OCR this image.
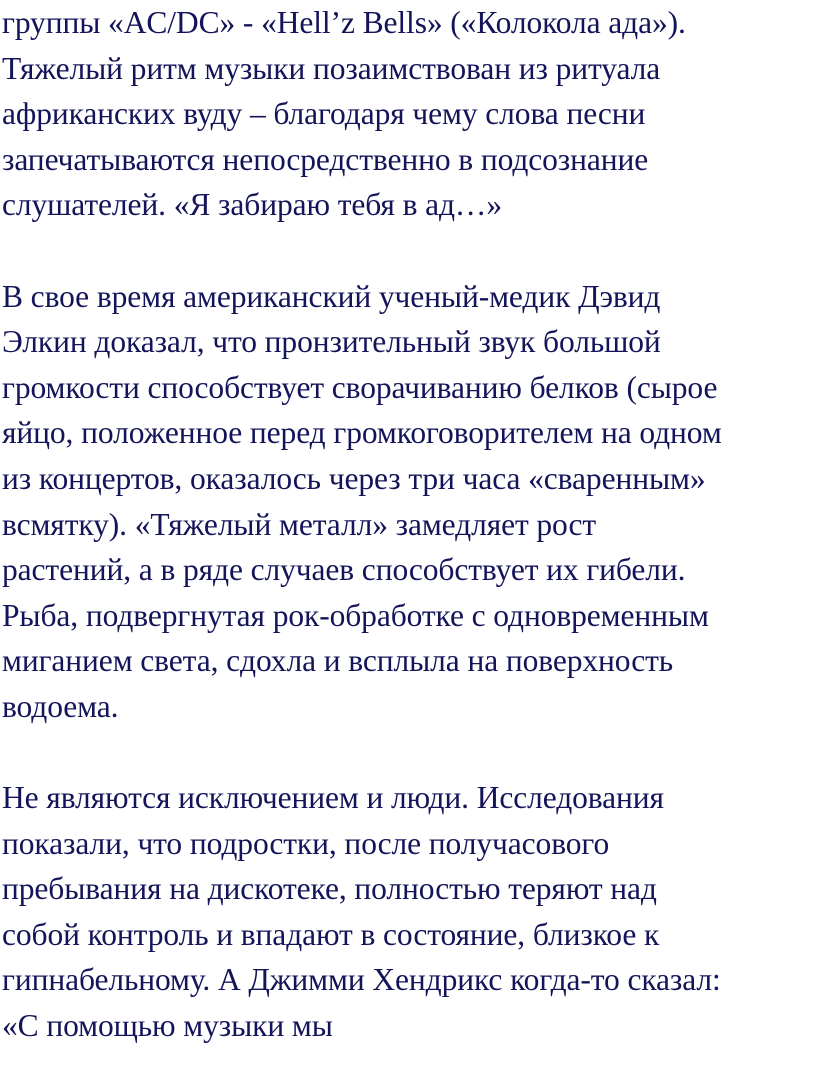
группы «AC/DC» - «Hell’z Bells» («Колокола ада»).
Тяжелый ритм музыки позаимствован из ритуала
африканских вуду – благодаря чему слова песни
запечатываются непосредственно в подсознание
слушателей. «Я забираю тебя в ад…»
В свое время американский ученый-медик Дэвид
Элкин доказал, что пронзительный звук большой
громкости способствует сворачиванию белков (сырое
яйцо, положенное перед громкоговорителем на одном
из концертов, оказалось через три часа «сваренным»
всмятку). «Тяжелый металл» замедляет рост
растений, а в ряде случаев способствует их гибели.
Рыба, подвергнутая рок-обработке с одновременным
миганием света, сдохла и всплыла на поверхность
водоема.
Не являются исключением и люди. Исследования
показали, что подростки, после получасового
пребывания на дискотеке, полностью теряют над
собой контроль и впадают в состояние, близкое к
гипнабельному. А Джимми Хендрикс когда-то сказал:
«С помощью музыки мы
